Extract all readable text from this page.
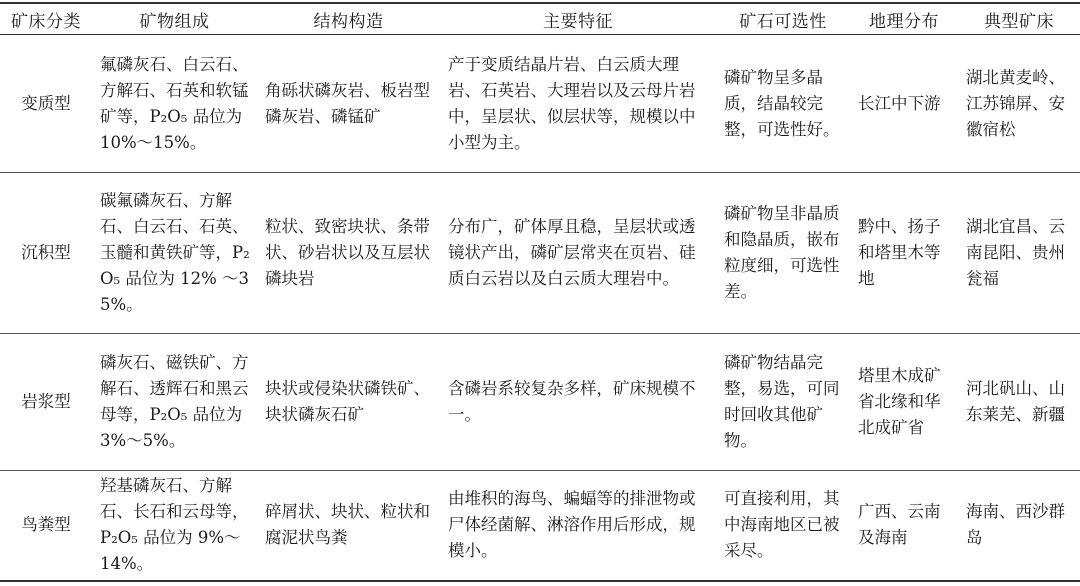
矿床分类	矿物组成	结构构造	主要特征	矿石可选性	地理分布	典型矿床
变质型	氟磷灰石、白云石、方解石、石英和软锰矿等，P₂O₅ 品位为 10%～15%。	角砾状磷灰岩、板岩型磷灰岩、磷锰矿	产于变质结晶片岩、白云质大理岩、石英岩、大理岩以及云母片岩中，呈层状、似层状等，规模以中小型为主。	磷矿物呈多晶质，结晶较完整，可选性好。	长江中下游	湖北黄麦岭、江苏锦屏、安徽宿松
沉积型	碳氟磷灰石、方解石、白云石、石英、玉髓和黄铁矿等，P₂O₅ 品位为 12% ～35%。	粒状、致密块状、条带状、砂岩状以及互层状磷块岩	分布广，矿体厚且稳，呈层状或透镜状产出，磷矿层常夹在页岩、硅质白云岩以及白云质大理岩中。	磷矿物呈非晶质和隐晶质，嵌布粒度细，可选性差。	黔中、扬子和塔里木等地	湖北宜昌、云南昆阳、贵州瓮福
岩浆型	磷灰石、磁铁矿、方解石、透辉石和黑云母等，P₂O₅ 品位为 3%～5%。	块状或侵染状磷铁矿、块状磷灰石矿	含磷岩系较复杂多样，矿床规模不一。	磷矿物结晶完整，易选，可同时回收其他矿物。	塔里木成矿省北缘和华北成矿省	河北矾山、山东莱芜、新疆
鸟粪型	羟基磷灰石、方解石、长石和云母等，P₂O₅ 品位为 9%～14%。	碎屑状、块状、粒状和腐泥状鸟粪	由堆积的海鸟、蝙蝠等的排泄物或尸体经菌解、淋溶作用后形成，规模小。	可直接利用，其中海南地区已被采尽。	广西、云南及海南	海南、西沙群岛
